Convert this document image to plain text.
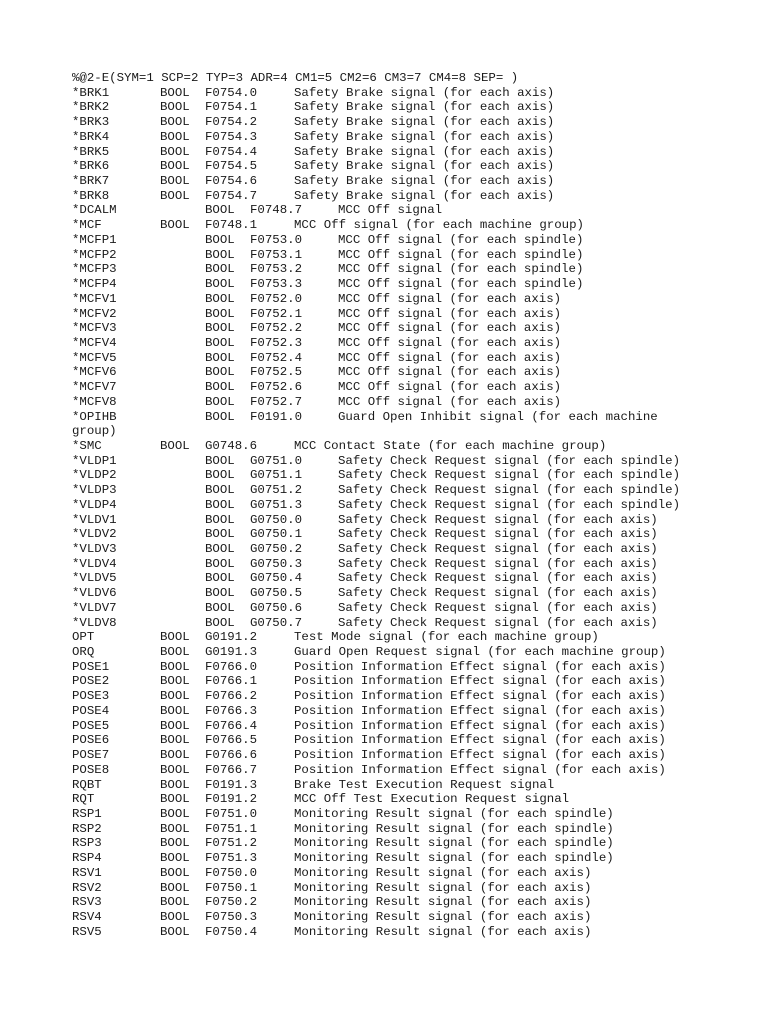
%@2-E(SYM=1 SCP=2 TYP=3 ADR=4 CM1=5 CM2=6 CM3=7 CM4=8 SEP= )

*BRK1	BOOL F0754.0	Safety Brake signal (for each axis)
*BRK2	BOOL F0754.1	Safety Brake signal (for each axis)
*BRK3	BOOL F0754.2	Safety Brake signal (for each axis)
*BRK4	BOOL F0754.3	Safety Brake signal (for each axis)
*BRK5	BOOL F0754.4	Safety Brake signal (for each axis)
*BRK6	BOOL F0754.5	Safety Brake signal (for each axis)
*BRK7	BOOL F0754.6	Safety Brake signal (for each axis)
*BRK8	BOOL F0754.7	Safety Brake signal (for each axis)
*DCALM	BOOL F0748.7	MCC Off signal
*MCF	BOOL F0748.1	MCC Off signal (for each machine group)
*MCFP1	BOOL F0753.0	MCC Off signal (for each spindle)
*MCFP2	BOOL F0753.1	MCC Off signal (for each spindle)
*MCFP3	BOOL F0753.2	MCC Off signal (for each spindle)
*MCFP4	BOOL F0753.3	MCC Off signal (for each spindle)
*MCFV1	BOOL F0752.0	MCC Off signal (for each axis)
*MCFV2	BOOL F0752.1	MCC Off signal (for each axis)
*MCFV3	BOOL F0752.2	MCC Off signal (for each axis)
*MCFV4	BOOL F0752.3	MCC Off signal (for each axis)
*MCFV5	BOOL F0752.4	MCC Off signal (for each axis)
*MCFV6	BOOL F0752.5	MCC Off signal (for each axis)
*MCFV7	BOOL F0752.6	MCC Off signal (for each axis)
*MCFV8	BOOL F0752.7	MCC Off signal (for each axis)
*OPIHB	BOOL F0191.0	Guard Open Inhibit signal (for each machine
group)
*SMC	BOOL G0748.6	MCC Contact State (for each machine group)
*VLDP1	BOOL G0751.0	Safety Check Request signal (for each spindle)
*VLDP2	BOOL G0751.1	Safety Check Request signal (for each spindle)
*VLDP3	BOOL G0751.2	Safety Check Request signal (for each spindle)
*VLDP4	BOOL G0751.3	Safety Check Request signal (for each spindle)
*VLDV1	BOOL G0750.0	Safety Check Request signal (for each axis)
*VLDV2	BOOL G0750.1	Safety Check Request signal (for each axis)
*VLDV3	BOOL G0750.2	Safety Check Request signal (for each axis)
*VLDV4	BOOL G0750.3	Safety Check Request signal (for each axis)
*VLDV5	BOOL G0750.4	Safety Check Request signal (for each axis)
*VLDV6	BOOL G0750.5	Safety Check Request signal (for each axis)
*VLDV7	BOOL G0750.6	Safety Check Request signal (for each axis)
*VLDV8	BOOL G0750.7	Safety Check Request signal (for each axis)
OPT	BOOL G0191.2	Test Mode signal (for each machine group)
ORQ	BOOL G0191.3	Guard Open Request signal (for each machine group)
POSE1	BOOL F0766.0	Position Information Effect signal (for each axis)
POSE2	BOOL F0766.1	Position Information Effect signal (for each axis)
POSE3	BOOL F0766.2	Position Information Effect signal (for each axis)
POSE4	BOOL F0766.3	Position Information Effect signal (for each axis)
POSE5	BOOL F0766.4	Position Information Effect signal (for each axis)
POSE6	BOOL F0766.5	Position Information Effect signal (for each axis)
POSE7	BOOL F0766.6	Position Information Effect signal (for each axis)
POSE8	BOOL F0766.7	Position Information Effect signal (for each axis)
RQBT	BOOL F0191.3	Brake Test Execution Request signal
RQT	BOOL F0191.2	MCC Off Test Execution Request signal
RSP1	BOOL F0751.0	Monitoring Result signal (for each spindle)
RSP2	BOOL F0751.1	Monitoring Result signal (for each spindle)
RSP3	BOOL F0751.2	Monitoring Result signal (for each spindle)
RSP4	BOOL F0751.3	Monitoring Result signal (for each spindle)
RSV1	BOOL F0750.0	Monitoring Result signal (for each axis)
RSV2	BOOL F0750.1	Monitoring Result signal (for each axis)
RSV3	BOOL F0750.2	Monitoring Result signal (for each axis)
RSV4	BOOL F0750.3	Monitoring Result signal (for each axis)
RSV5	BOOL F0750.4	Monitoring Result signal (for each axis)
